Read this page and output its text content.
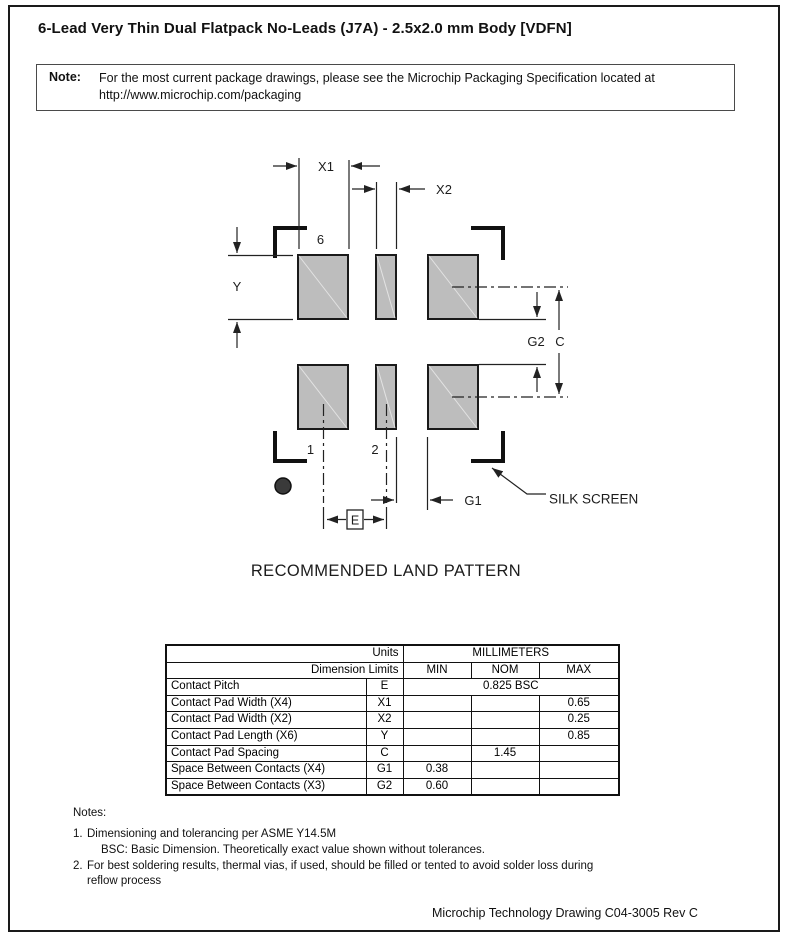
6-Lead Very Thin Dual Flatpack No-Leads (J7A) - 2.5x2.0 mm Body [VDFN]
Note:	For the most current package drawings, please see the Microchip Packaging Specification located at
http://www.microchip.com/packaging
X1
X2
Y
G2 C
G1
E
6
1	2
SILK SCREEN
RECOMMENDED LAND PATTERN
Units		MILLIMETERS		
Dimension Limits		MIN	NOM	MAX
Contact Pitch	E	0.825 BSC		
Contact Pad Width (X4)	X1			0.65
Contact Pad Width (X2)	X2			0.25
Contact Pad Length (X6)	Y			0.85
Contact Pad Spacing	C		1.45	
Space Between Contacts (X4)	G1	0.38		
Space Between Contacts (X3)	G2	0.60		
Notes:
1. Dimensioning and tolerancing per ASME Y14.5M
BSC: Basic Dimension. Theoretically exact value shown without tolerances.
2. For best soldering results, thermal vias, if used, should be filled or tented to avoid solder loss during
reflow process
Microchip Technology Drawing C04-3005 Rev C
